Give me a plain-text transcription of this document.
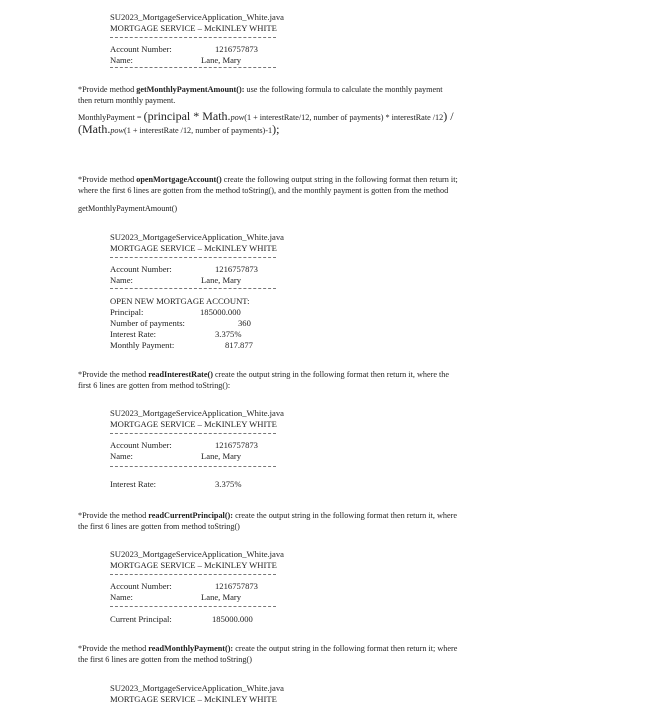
SU2023_MortgageServiceApplication_White.java
MORTGAGE SERVICE – McKINLEY WHITE
Account Number:	1216757873
Name:	Lane, Mary
*Provide method getMonthlyPaymentAmount(): use the following formula to calculate the monthly payment
then return monthly payment.
MonthlyPayment = (principal * Math.pow(1 + interestRate/12, number of payments) * interestRate /12) /
(Math.pow(1 + interestRate /12, number of payments)-1);
*Provide method openMortgageAccount() create the following output string in the following format then return it;
where the first 6 lines are gotten from the method toString(), and the monthly payment is gotten from the method
getMonthlyPaymentAmount()
SU2023_MortgageServiceApplication_White.java
MORTGAGE SERVICE – McKINLEY WHITE
Account Number:	1216757873
Name:	Lane, Mary
OPEN NEW MORTGAGE ACCOUNT:
Principal:	185000.000
Number of payments:	360
Interest Rate:	3.375%
Monthly Payment:	817.877
*Provide the method readInterestRate() create the output string in the following format then return it, where the
first 6 lines are gotten from method toString():
SU2023_MortgageServiceApplication_White.java
MORTGAGE SERVICE – McKINLEY WHITE
Account Number:	1216757873
Name:	Lane, Mary
Interest Rate:	3.375%
*Provide the method readCurrentPrincipal(): create the output string in the following format then return it, where
the first 6 lines are gotten from method toString()
SU2023_MortgageServiceApplication_White.java
MORTGAGE SERVICE – McKINLEY WHITE
Account Number:	1216757873
Name:	Lane, Mary
Current Principal:	185000.000
*Provide the method readMonthlyPayment(): create the output string in the following format then return it; where
the first 6 lines are gotten from the method toString()
SU2023_MortgageServiceApplication_White.java
MORTGAGE SERVICE – McKINLEY WHITE
